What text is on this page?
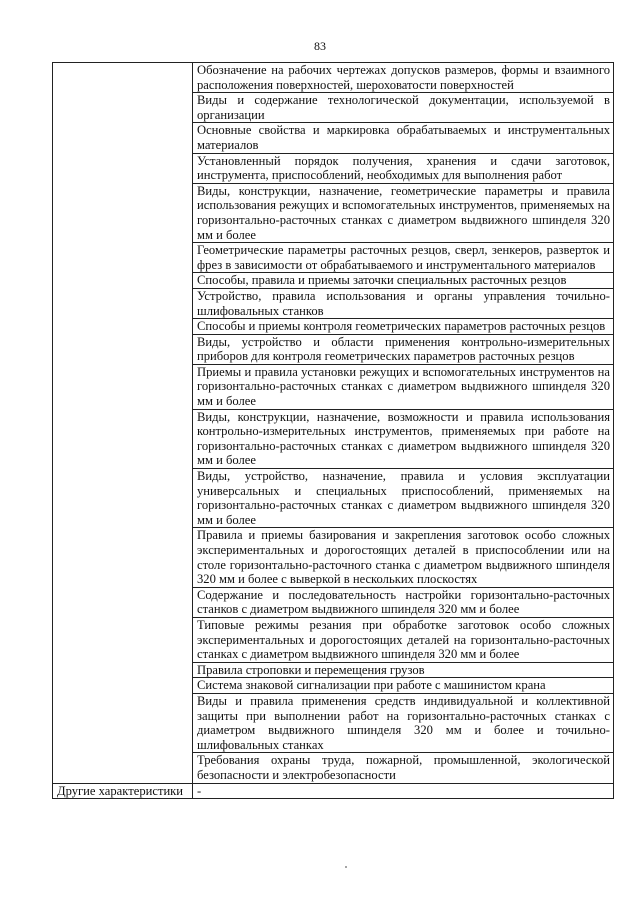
83
	Обозначение на рабочих чертежах допусков размеров, формы и взаимного расположения поверхностей, шероховатости поверхностей
	Виды и содержание технологической документации, используемой в организации
	Основные свойства и маркировка обрабатываемых и инструментальных материалов
	Установленный порядок получения, хранения и сдачи заготовок, инструмента, приспособлений, необходимых для выполнения работ
	Виды, конструкции, назначение, геометрические параметры и правила использования режущих и вспомогательных инструментов, применяемых на горизонтально-расточных станках с диаметром выдвижного шпинделя 320 мм и более
	Геометрические параметры расточных резцов, сверл, зенкеров, разверток и фрез в зависимости от обрабатываемого и инструментального материалов
	Способы, правила и приемы заточки специальных расточных резцов
	Устройство, правила использования и органы управления точильно-шлифовальных станков
	Способы и приемы контроля геометрических параметров расточных резцов
	Виды, устройство и области применения контрольно-измерительных приборов для контроля геометрических параметров расточных резцов
	Приемы и правила установки режущих и вспомогательных инструментов на горизонтально-расточных станках с диаметром выдвижного шпинделя 320 мм и более
	Виды, конструкции, назначение, возможности и правила использования контрольно-измерительных инструментов, применяемых при работе на горизонтально-расточных станках с диаметром выдвижного шпинделя 320 мм и более
	Виды, устройство, назначение, правила и условия эксплуатации универсальных и специальных приспособлений, применяемых на горизонтально-расточных станках с диаметром выдвижного шпинделя 320 мм и более
	Правила и приемы базирования и закрепления заготовок особо сложных экспериментальных и дорогостоящих деталей в приспособлении или на столе горизонтально-расточного станка с диаметром выдвижного шпинделя 320 мм и более с выверкой в нескольких плоскостях
	Содержание и последовательность настройки горизонтально-расточных станков с диаметром выдвижного шпинделя 320 мм и более
	Типовые режимы резания при обработке заготовок особо сложных экспериментальных и дорогостоящих деталей на горизонтально-расточных станках с диаметром выдвижного шпинделя 320 мм и более
	Правила строповки и перемещения грузов
	Система знаковой сигнализации при работе с машинистом крана
	Виды и правила применения средств индивидуальной и коллективной защиты при выполнении работ на горизонтально-расточных станках с диаметром выдвижного шпинделя 320 мм и более и точильно-шлифовальных станках
	Требования охраны труда, пожарной, промышленной, экологической безопасности и электробезопасности
Другие характеристики	-
